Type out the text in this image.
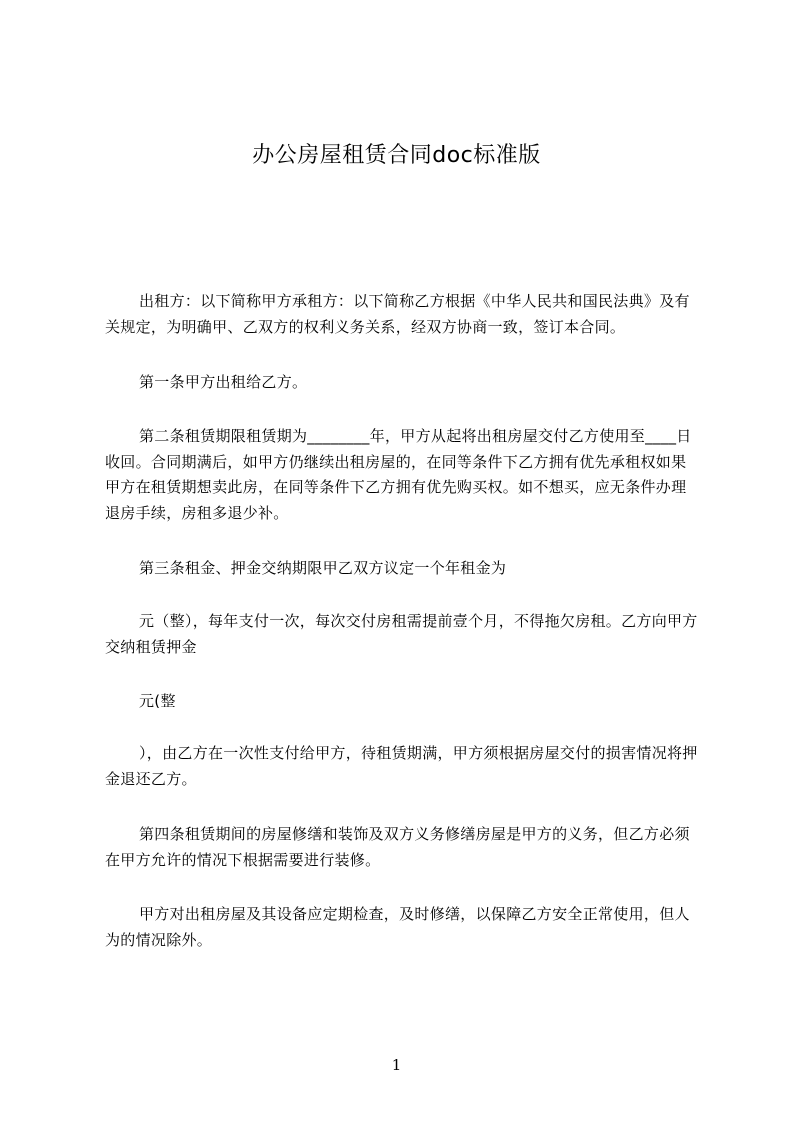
办公房屋租赁合同doc标准版

出租方：以下简称甲方承租方：以下简称乙方根据《中华人民共和国民法典》及有关规定，为明确甲、乙双方的权利义务关系，经双方协商一致，签订本合同。

第一条甲方出租给乙方。

第二条租赁期限租赁期为________年，甲方从起将出租房屋交付乙方使用至____日收回。合同期满后，如甲方仍继续出租房屋的，在同等条件下乙方拥有优先承租权如果甲方在租赁期想卖此房，在同等条件下乙方拥有优先购买权。如不想买，应无条件办理退房手续，房租多退少补。

第三条租金、押金交纳期限甲乙双方议定一个年租金为

元（整），每年支付一次，每次交付房租需提前壹个月，不得拖欠房租。乙方向甲方交纳租赁押金

元(整

），由乙方在一次性支付给甲方，待租赁期满，甲方须根据房屋交付的损害情况将押金退还乙方。

第四条租赁期间的房屋修缮和装饰及双方义务修缮房屋是甲方的义务，但乙方必须在甲方允许的情况下根据需要进行装修。

甲方对出租房屋及其设备应定期检查，及时修缮，以保障乙方安全正常使用，但人为的情况除外。

1
